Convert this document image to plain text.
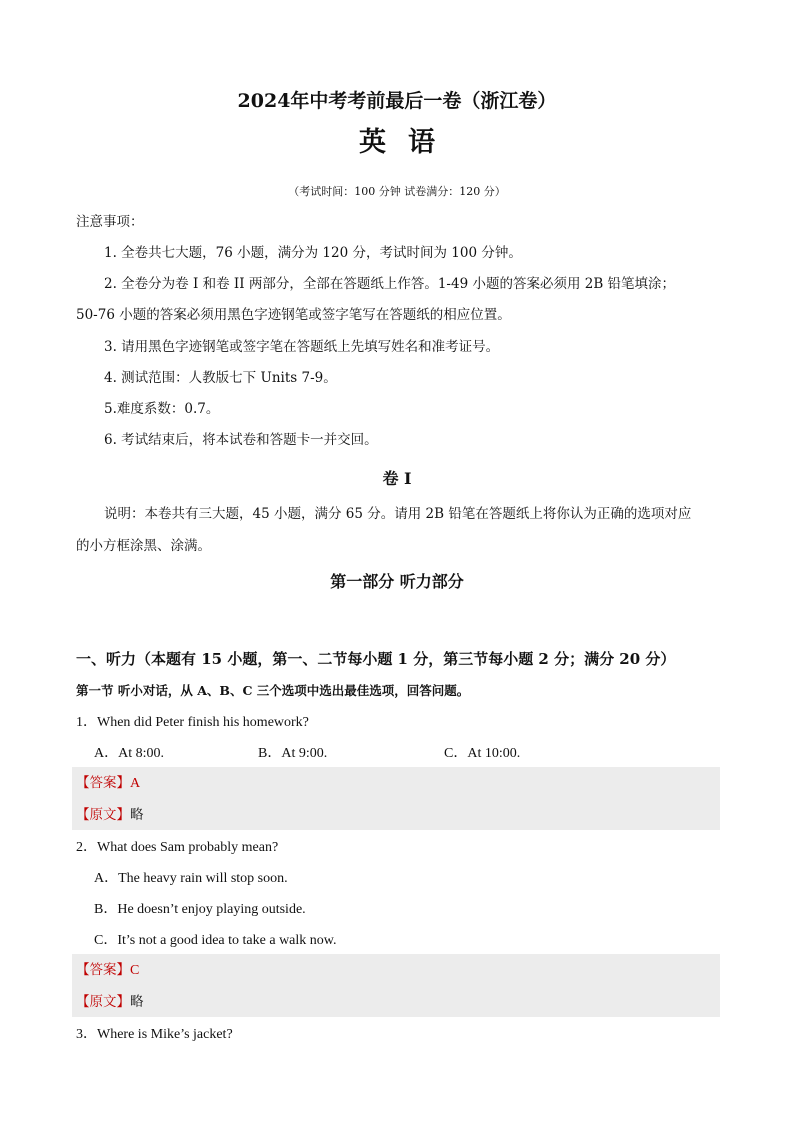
2024年中考考前最后一卷（浙江卷）
英语
（考试时间：100 分钟 试卷满分：120 分）
注意事项：
1. 全卷共七大题，76 小题，满分为 120 分，考试时间为 100 分钟。
2. 全卷分为卷 I 和卷 II 两部分，全部在答题纸上作答。1-49 小题的答案必须用 2B 铅笔填涂；
50-76 小题的答案必须用黑色字迹钢笔或签字笔写在答题纸的相应位置。
3. 请用黑色字迹钢笔或签字笔在答题纸上先填写姓名和准考证号。
4. 测试范围：人教版七下 Units 7-9。
5.难度系数：0.7。
6. 考试结束后，将本试卷和答题卡一并交回。
卷 I
说明：本卷共有三大题，45 小题，满分 65 分。请用 2B 铅笔在答题纸上将你认为正确的选项对应
的小方框涂黑、涂满。
第一部分 听力部分
一、听力（本题有 15 小题，第一、二节每小题 1 分，第三节每小题 2 分；满分 20 分）
第一节 听小对话，从 A、B、C 三个选项中选出最佳选项，回答问题。
1．When did Peter finish his homework?
A．At 8:00.	B．At 9:00.	C．At 10:00.
【答案】A
【原文】略
2．What does Sam probably mean?
A．The heavy rain will stop soon.
B．He doesn’t enjoy playing outside.
C．It’s not a good idea to take a walk now.
【答案】C
【原文】略
3．Where is Mike’s jacket?
